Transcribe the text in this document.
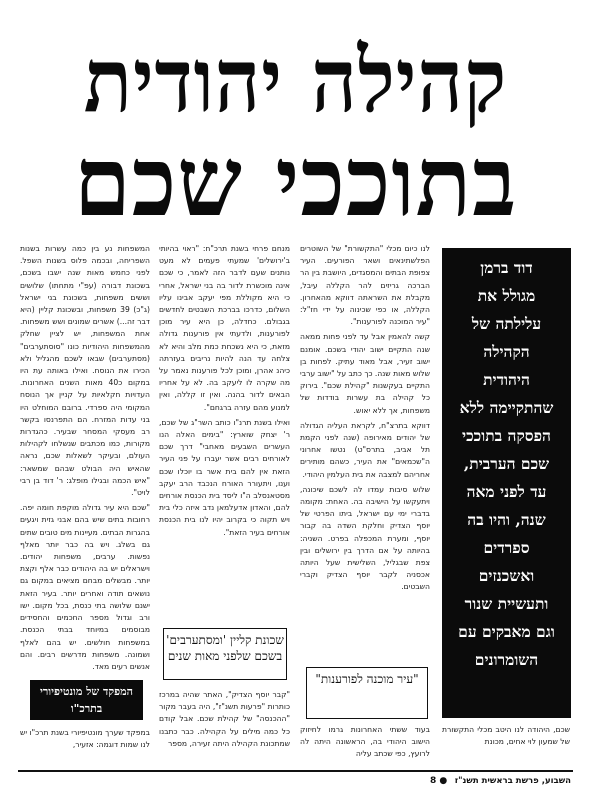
קהילה יהודית
בתוככי שכם
דוד ברמן
מגולל את
עלילתה של
הקהילה
היהודית
שהתקיימה ללא
הפסקה בתוככי
שכם הערבית,
עד לפני מאה
שנה, והיו בה
ספרדים
ואשכנזים
ותעשיית שנור
וגם מאבקים עם
השומרונים
שכם, היהודה לנו היטב מכלי התקשורת של שמעון לוי אחים, מכונת

לנו כיום מכלי "התקשורת" של השוטרים הפלשתינאים ושאר הפורעים. העיר צפופת הבתים והמסגדים, היושבת בין הר הברכה גריזים להר הקללה עיבל, מקבלת את השראתה דווקא מהאחרון. הקללה, או כפי שכינוה על ידי חז"ל: "עיר המוכנה לפורענות".

קשה להאמין אבל עד לפני פחות ממאה שנה התקיים ישוב יהודי בשכם. אומנם ישוב זעיר, אבל מאוד עתיק. לפחות בן שלוש מאות שנה. כך כתב על "ישוב ערבי התקיים בעקשנות "קהילת שכם". בירוק כל קהילה בת עשרות בודדות של משפחות, אך ללא יאוש.

דווקא בתרצ"ח, לקראת העליה הגדולה של יהודים מאירופה (שנה לפני הקמת תל אביב, בתרס"ט) נטשו אחרוני ה"שכמאים" את העיר, כשהם מותירים אחריהם למצבה את בית העלמין היהודי.

שלוש סיבות עמדו לה לשכם שיכונה, ויתעקשו על הישיבה בה. האחת: מקומה בדברי ימי עם ישראל, ביתו הפרטי של יוסף הצדיק וחלקת השדה בה קבור יוסף, ומערת המכפלה בפרט. השניה: בהיותה על אם הדרך בין ירושלים ובין צפת שבגליל, השלישית שעל היותה אכסניה לקבר יוסף הצדיק וקברי השבטים.

"עיר מוכנה לפורענות"
בעוד ששתי האחרונות גרמו לחיזוק הישוב היהודי בה, הראשונה היתה לה לרועץ, כפי שכתב עליה

מנחם פרחי בשנת תרכ"ח: "ראוי בהיותי ב'ירושלים' שמעתי פעמים לא מעט נותנים שעם לדבר הזה לאמר, כי שכם אינה מוכשרת לדור בה בני ישראל, אחרי כי היא מקוללת מפי יעקב אבינו עליו השלום, כדרכו בברכת השבטים לחדשים בגבולם. כחדלה, כן היא עיר מוכן לפורענות, ולדעתי אין פורענות גדולה מזאת, כי היא נשכחת כמת מלב והיא לא צלחה עד הנה להיות נריבים בעזרתה כיהנ אהרן, ומוכן לכל פורענות נאמר על מה שקרה לו ליעקב בה. לא על אחריו הבאים לדור בהנה. ואין זו קללה, ואין למנוע מהם עזרה ברגחם".

ואילו בשנת תרנ"ו כותב השר"ג של שכם, ר' יצחק שוארץ: "בימים האלה הנו העשרים השבעים מאחבי" דרך שכם לאורחים רבים אשר יעברו על פני העיר הזאת אין להם בית אשר בו יוכלו שכם וענו, ויתעורר האורח הנכבד הרב יעקב מסטאנסלב ה"ו ליסד בית הכנסת אורחים להם, והאדון אדעלמאן נדב איזה כלי בית ויש תקוה כי בקרוב יהיו לנו בית הכנסת אורחים בעיר הזאת".

שכונת קליין 'ומסתערבים' בשכם שלפני מאות שנים
"קבר יוסף הצדיק", האתר שהיה במרכז כותרות "פרעות תשנ"ז", היה בעבר מקור "ההכנסה" של קהילת שכם. אבל קודם כל כמה מילים על הקהילה. כבר כתבנו שמתכונת הקהילה היתה זעירה, מספר

המשפחות נע בין כמה עשרות בשנות השפריחה, ובכמה פלוס בשנות השפל. לפני כחמש מאות שנה ישבו בשכם, בשכונת דבורה (עפ"י מתחתו) שלושים וששים משפחות, בשכונת בני ישראל (ג"כ) 39 משפחות, ובשכונת קליין (היא דבר זה...) אשרים שמונים ושש משפחות. אחת המשפחות, יש לציין שחלק מהמשפחות היהודיות כונו "סוסתערבים" (מסתערבים) שבאו לשכם מהגליל ולא הכירו את הנוסח. ואילו באותה עת היו במקום כ40 מאות השנים האחרונות. העדויות חקלאיות על קניין אך הנוסח המקומי היה ספרדי. ברובם המוחלט היו בני עדות המזרח. הם התפרנסו בקשר רב מעסקי המסחר שבעיר. כהגדרות מקורות, כמו מכתבים שנשלחו לקהילות העולם, ובעיקר לשאלות שכם, נראה שהאיש היה הבולט שבהם שמשאר: "איש הכמה ובגילו מופלג: ר' דוד בן רבי לויט".

"שכם היא עיר גדולה מוקפת חומה יפה. רחובות בתים שיש בהם אבני גזית ויגעים בהגרות הבתים. מעיינות מים טובים שתים גם בשלג. ויש בה כבר יותר מאלף נפשות. ערבים, משפחות יהודים. וישראלים יש בה היהודים כבר אלף וקצת יותר. מבשלים מבחם מציאים במקום גם נושאים תודה ואחרים יותר. בעיר הזאת ישנם שלושה בתי כנסת, בכל מקום. ישו ורב וגדול מספר החכמים והחסידים מבוסמים במיוחד בבתי הכנסת. במשפחות חולשים. יש בהם לאלף ושמונה. משפחות מדרשים רבים. והם אנשים רעים מאד.

המפקד של מונטיפיורי בתרכ"ו
במפקד שערך מונטיפיורי בשנת תרכ"ו יש לנו שמות דוגמה: אזעיר,
השבוע, פרשת בראשית תשנ"ז
8 ●
